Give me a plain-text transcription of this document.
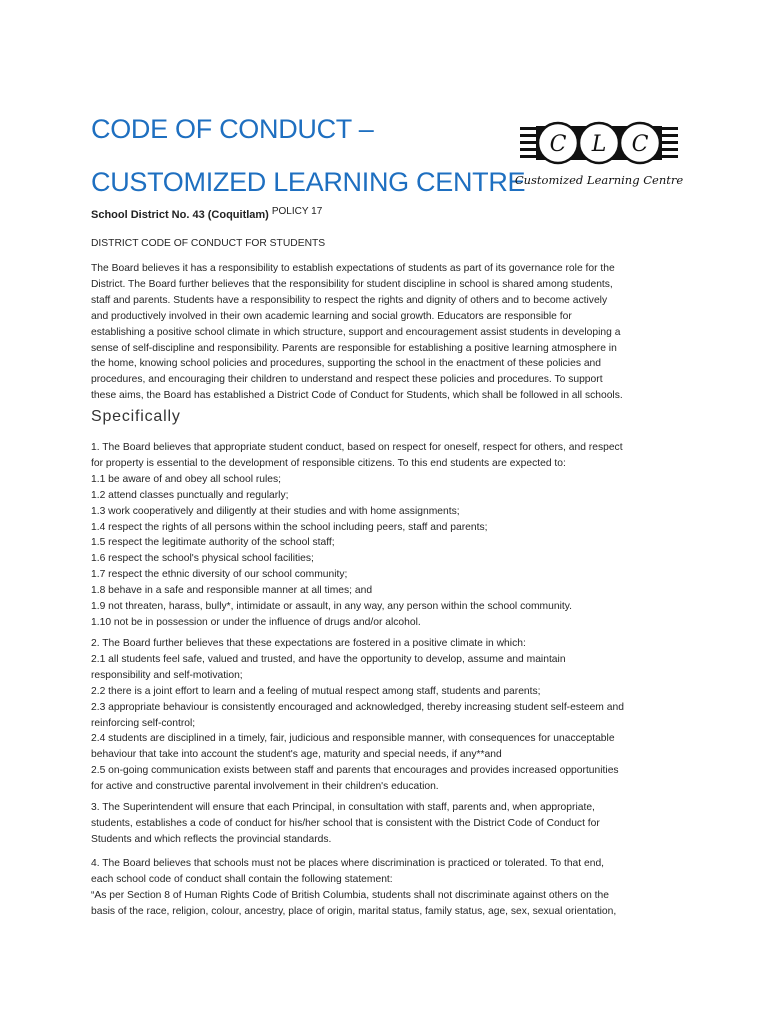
CODE OF CONDUCT –
CUSTOMIZED LEARNING CENTRE
C L C
Customized Learning Centre
School District No. 43 (Coquitlam) POLICY 17
DISTRICT CODE OF CONDUCT FOR STUDENTS
The Board believes it has a responsibility to establish expectations of students as part of its governance role for the
District. The Board further believes that the responsibility for student discipline in school is shared among students,
staff and parents. Students have a responsibility to respect the rights and dignity of others and to become actively
and productively involved in their own academic learning and social growth. Educators are responsible for
establishing a positive school climate in which structure, support and encouragement assist students in developing a
sense of self-discipline and responsibility. Parents are responsible for establishing a positive learning atmosphere in
the home, knowing school policies and procedures, supporting the school in the enactment of these policies and
procedures, and encouraging their children to understand and respect these policies and procedures. To support
these aims, the Board has established a District Code of Conduct for Students, which shall be followed in all schools.
Specifically
1. The Board believes that appropriate student conduct, based on respect for oneself, respect for others, and respect
for property is essential to the development of responsible citizens. To this end students are expected to:
1.1 be aware of and obey all school rules;
1.2 attend classes punctually and regularly;
1.3 work cooperatively and diligently at their studies and with home assignments;
1.4 respect the rights of all persons within the school including peers, staff and parents;
1.5 respect the legitimate authority of the school staff;
1.6 respect the school's physical school facilities;
1.7 respect the ethnic diversity of our school community;
1.8 behave in a safe and responsible manner at all times; and
1.9 not threaten, harass, bully*, intimidate or assault, in any way, any person within the school community.
1.10 not be in possession or under the influence of drugs and/or alcohol.
2. The Board further believes that these expectations are fostered in a positive climate in which:
2.1 all students feel safe, valued and trusted, and have the opportunity to develop, assume and maintain
responsibility and self-motivation;
2.2 there is a joint effort to learn and a feeling of mutual respect among staff, students and parents;
2.3 appropriate behaviour is consistently encouraged and acknowledged, thereby increasing student self-esteem and
reinforcing self-control;
2.4 students are disciplined in a timely, fair, judicious and responsible manner, with consequences for unacceptable
behaviour that take into account the student's age, maturity and special needs, if any**and
2.5 on-going communication exists between staff and parents that encourages and provides increased opportunities
for active and constructive parental involvement in their children's education.
3. The Superintendent will ensure that each Principal, in consultation with staff, parents and, when appropriate,
students, establishes a code of conduct for his/her school that is consistent with the District Code of Conduct for
Students and which reflects the provincial standards.
4. The Board believes that schools must not be places where discrimination is practiced or tolerated. To that end,
each school code of conduct shall contain the following statement:
“As per Section 8 of Human Rights Code of British Columbia, students shall not discriminate against others on the
basis of the race, religion, colour, ancestry, place of origin, marital status, family status, age, sex, sexual orientation,
